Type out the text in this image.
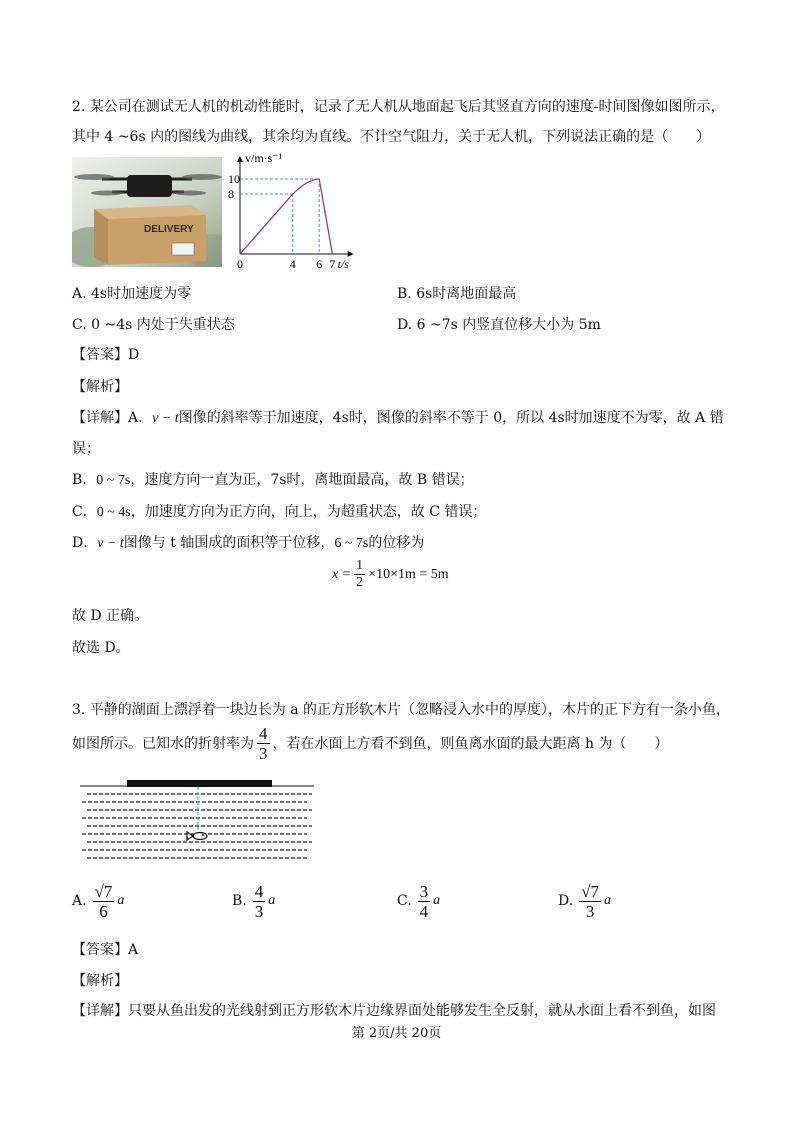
2. 某公司在测试无人机的机动性能时，记录了无人机从地面起飞后其竖直方向的速度-时间图像如图所示，
其中 4 ~6s 内的图线为曲线，其余均为直线。不计空气阻力，关于无人机，下列说法正确的是（　　）
DELIVERY
0	4 6 7
10
8
v/m·s⁻¹
t/s
A. 4s时加速度为零	B. 6s时离地面最高
C. 0 ~4s 内处于失重状态	D. 6 ~7s 内竖直位移大小为 5m
【答案】D
【解析】
【详解】A．v − t图像的斜率等于加速度，4s时，图像的斜率不等于 0，所以 4s时加速度不为零，故 A 错
误；
B．0 ~ 7s，速度方向一直为正，7s时，离地面最高，故 B 错误；
C．0 ~ 4s，加速度方向为正方向，向上，为超重状态，故 C 错误；
D．v − t图像与 t 轴围成的面积等于位移，6 ~ 7s的位移为
$x = \frac{1}{2} \times 10\times 1m = 5m$
故 D 正确。
故选 D。
3. 平静的湖面上漂浮着一块边长为 a 的正方形软木片（忽略浸入水中的厚度），木片的正下方有一条小鱼，
如图所示。已知水的折射率为 $\frac{4}{3}$ ，若在水面上方看不到鱼，则鱼离水面的最大距离 h 为（　　）
A. $\frac{√7}{6}$ a	B. $\frac{4}{3}$ a	C. $\frac{3}{4}$ a	D. $\frac{√7}{3}$ a
【答案】A
【解析】
【详解】只要从鱼出发的光线射到正方形软木片边缘界面处能够发生全反射，就从水面上看不到鱼，如图
第 2页/共 20页
